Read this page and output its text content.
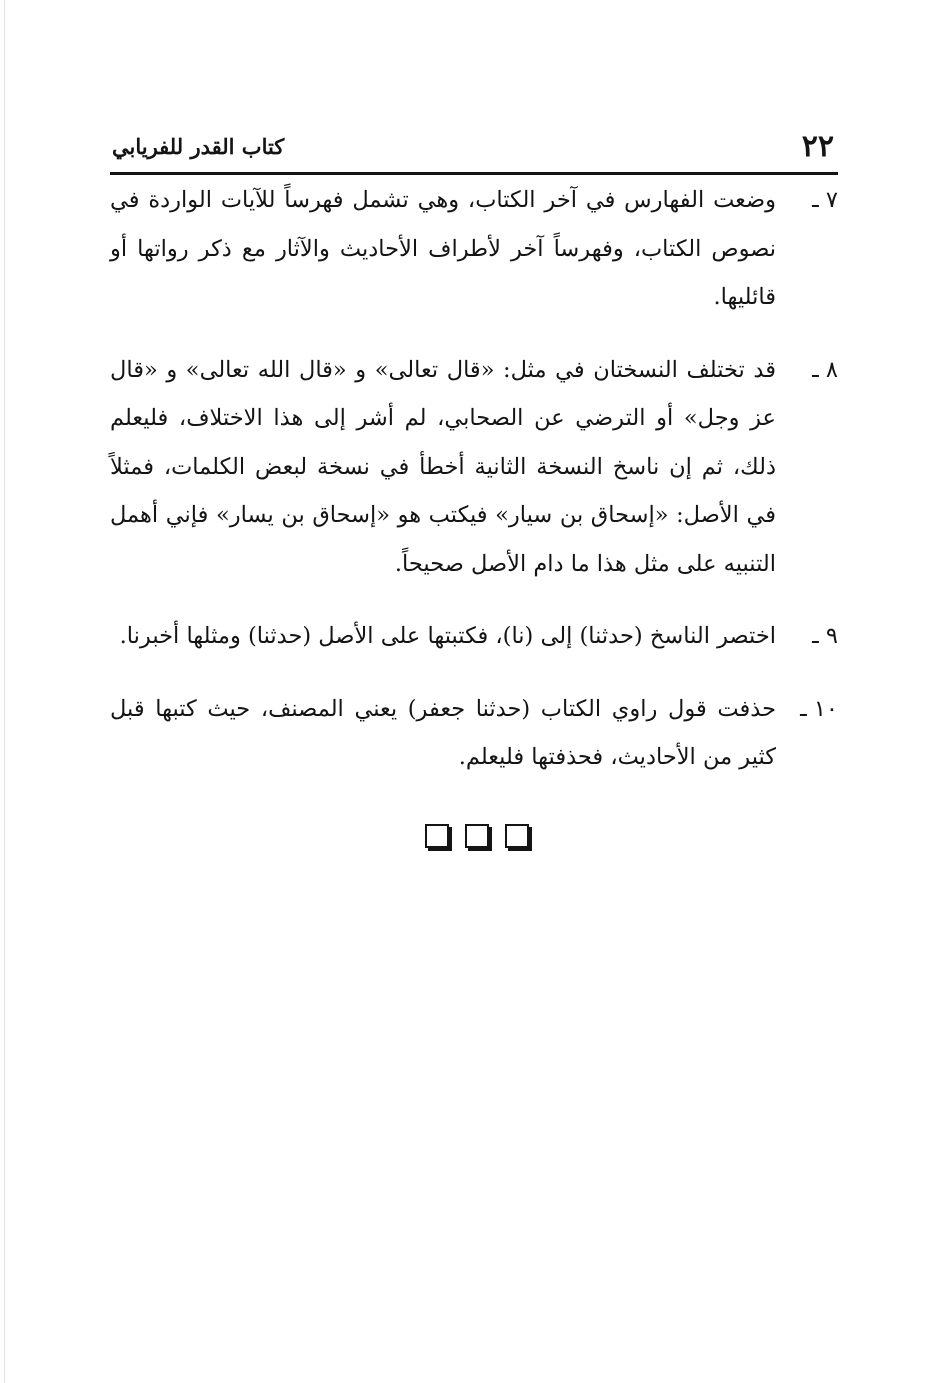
٢٢
كتاب القدر للفريابي
٧ ـ
وضعت الفهارس في آخر الكتاب، وهي تشمل فهرساً للآيات الواردة في نصوص الكتاب، وفهرساً آخر لأطراف الأحاديث والآثار مع ذكر رواتها أو قائليها.
٨ ـ
قد تختلف النسختان في مثل: «قال تعالى» و «قال الله تعالى» و «قال عز وجل» أو الترضي عن الصحابي، لم أشر إلى هذا الاختلاف، فليعلم ذلك، ثم إن ناسخ النسخة الثانية أخطأ في نسخة لبعض الكلمات، فمثلاً في الأصل: «إسحاق بن سيار» فيكتب هو «إسحاق بن يسار» فإني أهمل التنبيه على مثل هذا ما دام الأصل صحيحاً.
٩ ـ
اختصر الناسخ (حدثنا) إلى (نا)، فكتبتها على الأصل (حدثنا) ومثلها أخبرنا.
١٠ ـ
حذفت قول راوي الكتاب (حدثنا جعفر) يعني المصنف، حيث كتبها قبل كثير من الأحاديث، فحذفتها فليعلم.
